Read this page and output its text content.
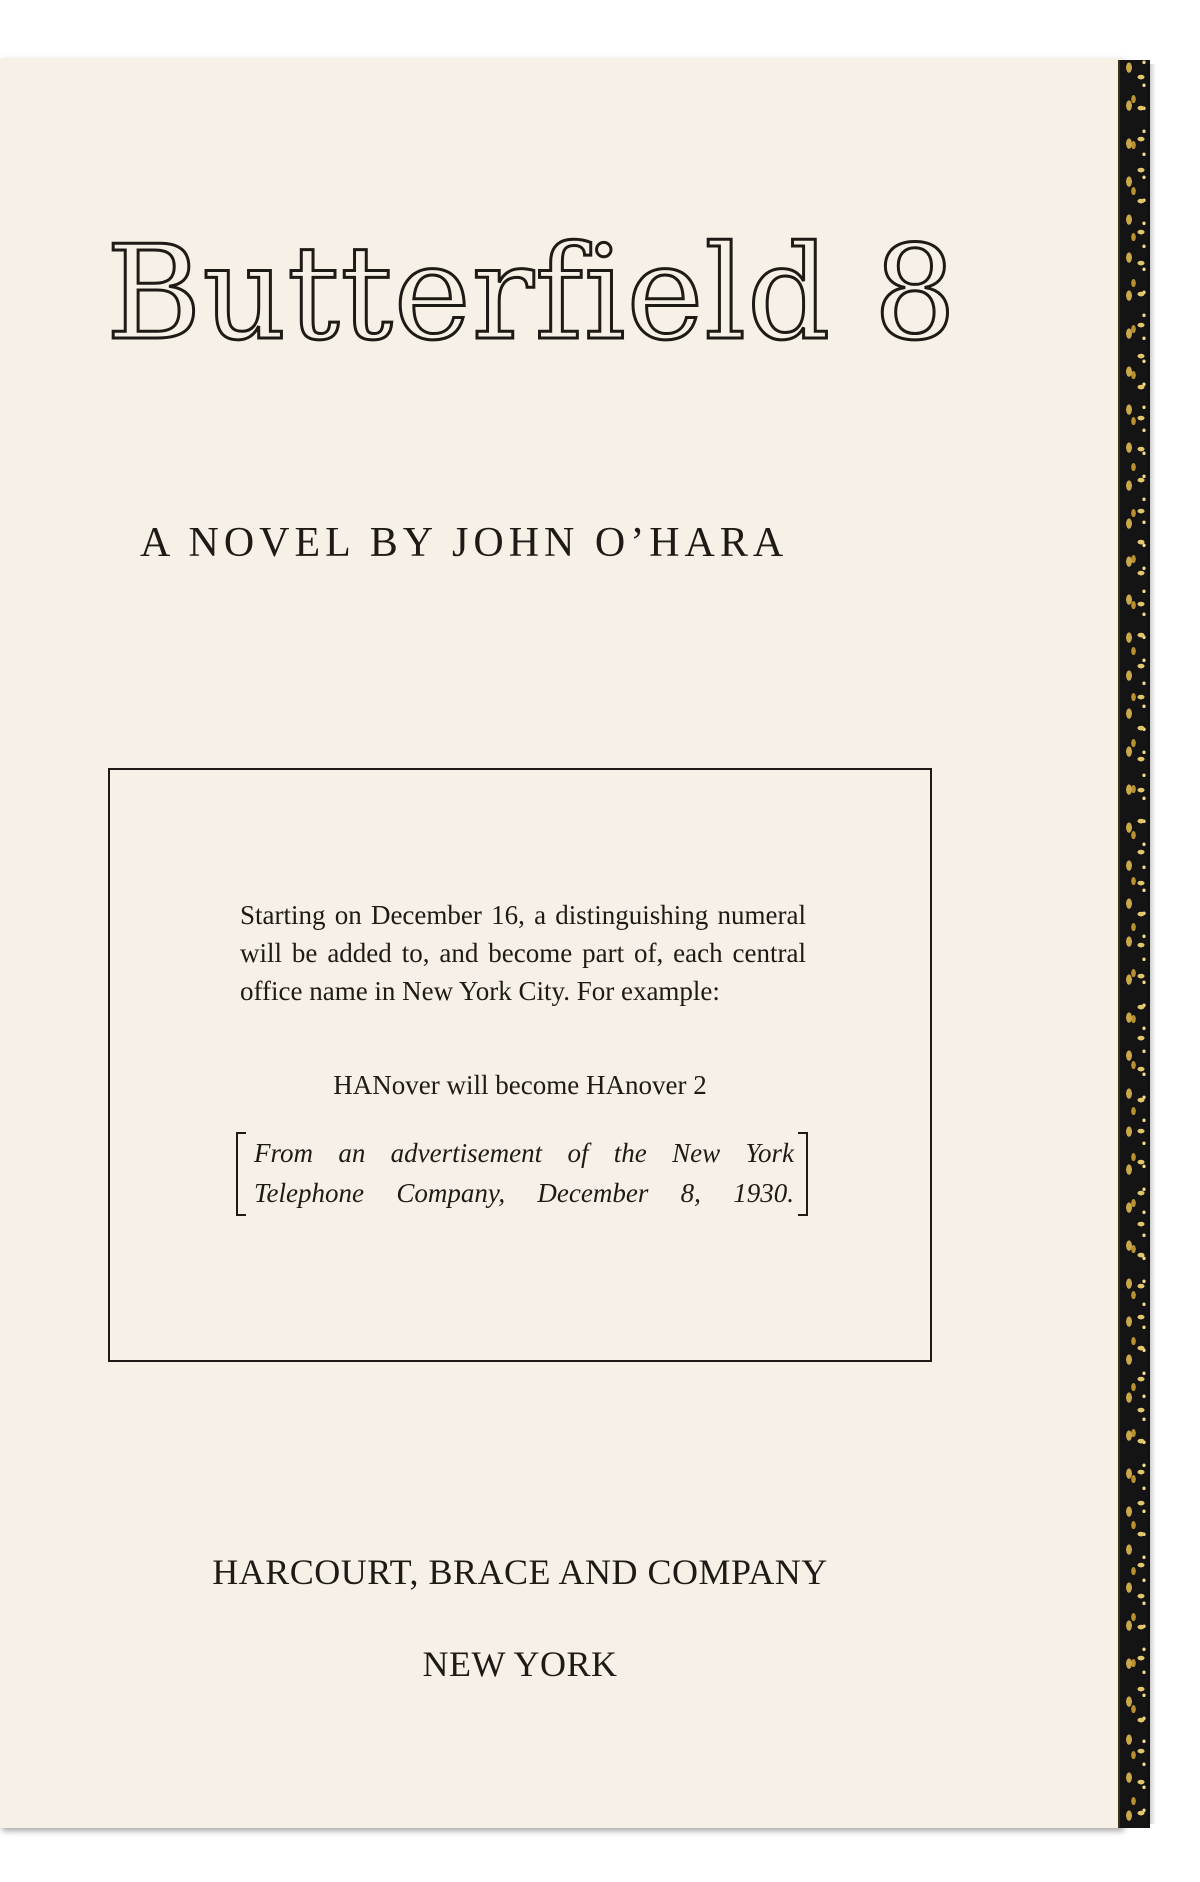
Butterfield 8
A NOVEL BY JOHN O’HARA

Starting on December 16, a distinguishing numeral will be added to, and become part of, each central office name in New York City. For example:

HANover will become HAnover 2

From an advertisement of the New York

Telephone Company, December 8, 1930.

HARCOURT, BRACE AND COMPANY
NEW YORK
